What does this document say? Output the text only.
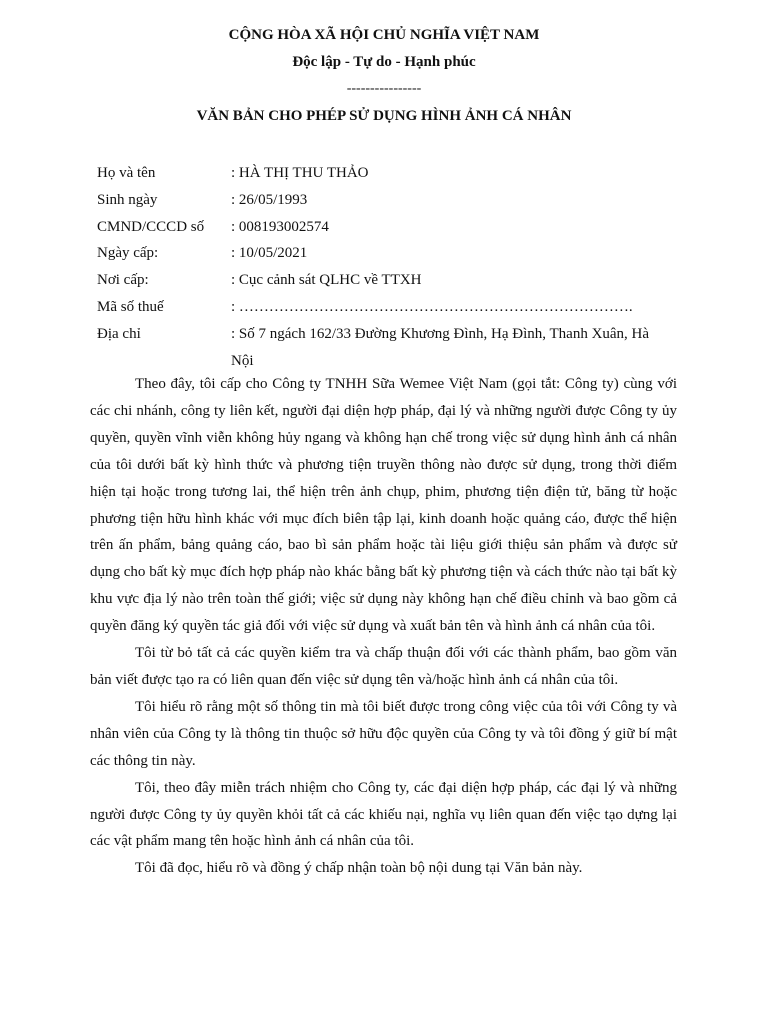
CỘNG HÒA XÃ HỘI CHỦ NGHĨA VIỆT NAM
Độc lập - Tự do - Hạnh phúc
----------------
VĂN BẢN CHO PHÉP SỬ DỤNG HÌNH ẢNH CÁ NHÂN
Họ và tên	: HÀ THỊ THU THẢO
Sinh ngày	: 26/05/1993
CMND/CCCD số	: 008193002574
Ngày cấp:	: 10/05/2021
Nơi cấp:	: Cục cảnh sát QLHC về TTXH
Mã số thuế	: …………………………………………………………………….
Địa chỉ	: Số 7 ngách 162/33 Đường Khương Đình, Hạ Đình, Thanh Xuân, Hà Nội

Theo đây, tôi cấp cho Công ty TNHH Sữa Wemee Việt Nam (gọi tắt: Công ty) cùng với các chi nhánh, công ty liên kết, người đại diện hợp pháp, đại lý và những người được Công ty ủy quyền, quyền vĩnh viễn không hủy ngang và không hạn chế trong việc sử dụng hình ảnh cá nhân của tôi dưới bất kỳ hình thức và phương tiện truyền thông nào được sử dụng, trong thời điểm hiện tại hoặc trong tương lai, thể hiện trên ảnh chụp, phim, phương tiện điện tử, băng từ hoặc phương tiện hữu hình khác với mục đích biên tập lại, kinh doanh hoặc quảng cáo, được thể hiện trên ấn phẩm, bảng quảng cáo, bao bì sản phẩm hoặc tài liệu giới thiệu sản phẩm và được sử dụng cho bất kỳ mục đích hợp pháp nào khác bằng bất kỳ phương tiện và cách thức nào tại bất kỳ khu vực địa lý nào trên toàn thế giới; việc sử dụng này không hạn chế điều chỉnh và bao gồm cả quyền đăng ký quyền tác giả đối với việc sử dụng và xuất bản tên và hình ảnh cá nhân của tôi.

Tôi từ bỏ tất cả các quyền kiểm tra và chấp thuận đối với các thành phẩm, bao gồm văn bản viết được tạo ra có liên quan đến việc sử dụng tên và/hoặc hình ảnh cá nhân của tôi.

Tôi hiểu rõ rằng một số thông tin mà tôi biết được trong công việc của tôi với Công ty và nhân viên của Công ty là thông tin thuộc sở hữu độc quyền của Công ty và tôi đồng ý giữ bí mật các thông tin này.

Tôi, theo đây miễn trách nhiệm cho Công ty, các đại diện hợp pháp, các đại lý và những người được Công ty ủy quyền khỏi tất cả các khiếu nại, nghĩa vụ liên quan đến việc tạo dựng lại các vật phẩm mang tên hoặc hình ảnh cá nhân của tôi.

Tôi đã đọc, hiểu rõ và đồng ý chấp nhận toàn bộ nội dung tại Văn bản này.
